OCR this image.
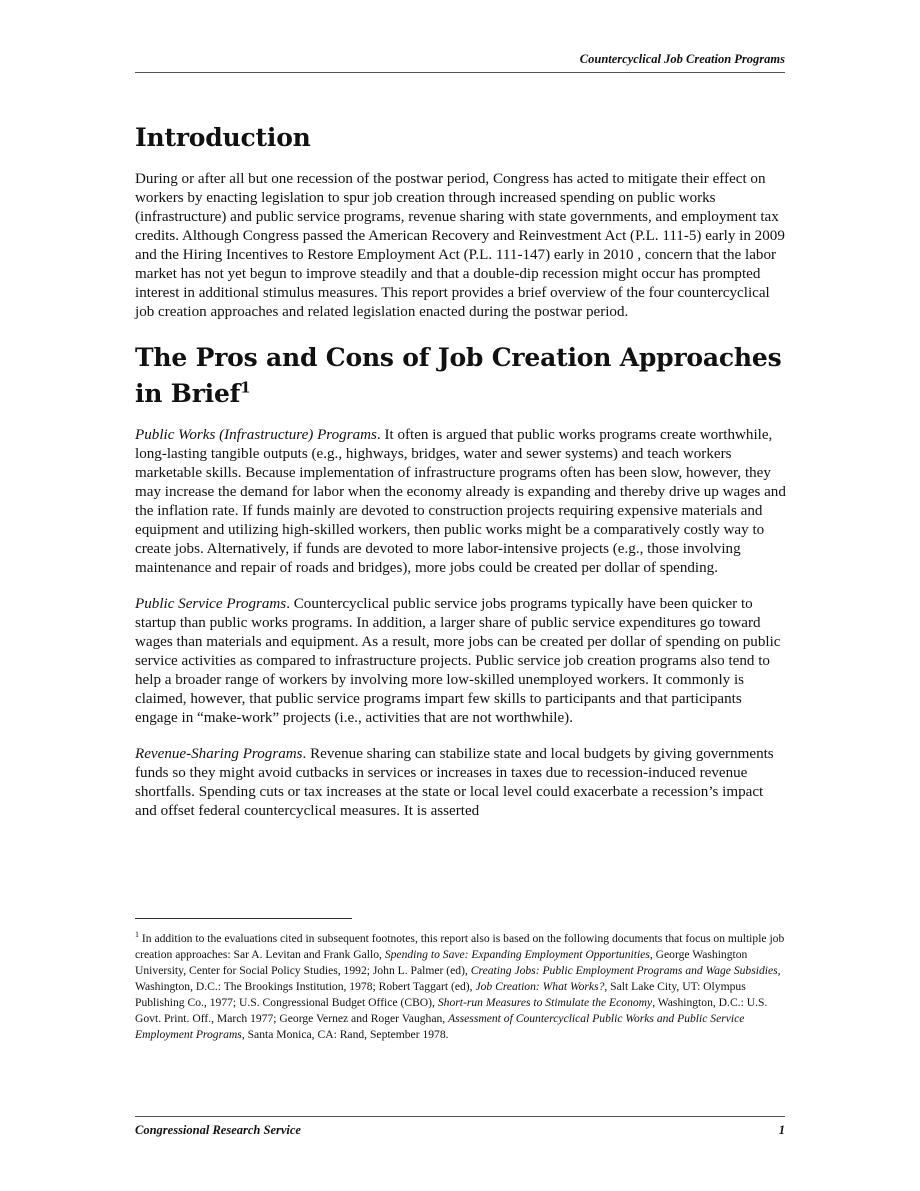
Countercyclical Job Creation Programs
Introduction

During or after all but one recession of the postwar period, Congress has acted to mitigate their effect on workers by enacting legislation to spur job creation through increased spending on public works (infrastructure) and public service programs, revenue sharing with state governments, and employment tax credits. Although Congress passed the American Recovery and Reinvestment Act (P.L. 111-5) early in 2009 and the Hiring Incentives to Restore Employment Act (P.L. 111-147) early in 2010 , concern that the labor market has not yet begun to improve steadily and that a double-dip recession might occur has prompted interest in additional stimulus measures. This report provides a brief overview of the four countercyclical job creation approaches and related legislation enacted during the postwar period.

The Pros and Cons of Job Creation Approaches in Brief$^1$

Public Works (Infrastructure) Programs. It often is argued that public works programs create worthwhile, long-lasting tangible outputs (e.g., highways, bridges, water and sewer systems) and teach workers marketable skills. Because implementation of infrastructure programs often has been slow, however, they may increase the demand for labor when the economy already is expanding and thereby drive up wages and the inflation rate. If funds mainly are devoted to construction projects requiring expensive materials and equipment and utilizing high-skilled workers, then public works might be a comparatively costly way to create jobs. Alternatively, if funds are devoted to more labor-intensive projects (e.g., those involving maintenance and repair of roads and bridges), more jobs could be created per dollar of spending.

Public Service Programs. Countercyclical public service jobs programs typically have been quicker to startup than public works programs. In addition, a larger share of public service expenditures go toward wages than materials and equipment. As a result, more jobs can be created per dollar of spending on public service activities as compared to infrastructure projects. Public service job creation programs also tend to help a broader range of workers by involving more low-skilled unemployed workers. It commonly is claimed, however, that public service programs impart few skills to participants and that participants engage in “make-work” projects (i.e., activities that are not worthwhile).

Revenue-Sharing Programs. Revenue sharing can stabilize state and local budgets by giving governments funds so they might avoid cutbacks in services or increases in taxes due to recession-induced revenue shortfalls. Spending cuts or tax increases at the state or local level could exacerbate a recession’s impact and offset federal countercyclical measures. It is asserted

$^1$ In addition to the evaluations cited in subsequent footnotes, this report also is based on the following documents that focus on multiple job creation approaches: Sar A. Levitan and Frank Gallo, Spending to Save: Expanding Employment Opportunities, George Washington University, Center for Social Policy Studies, 1992; John L. Palmer (ed), Creating Jobs: Public Employment Programs and Wage Subsidies, Washington, D.C.: The Brookings Institution, 1978; Robert Taggart (ed), Job Creation: What Works?, Salt Lake City, UT: Olympus Publishing Co., 1977; U.S. Congressional Budget Office (CBO), Short-run Measures to Stimulate the Economy, Washington, D.C.: U.S. Govt. Print. Off., March 1977; George Vernez and Roger Vaughan, Assessment of Countercyclical Public Works and Public Service Employment Programs, Santa Monica, CA: Rand, September 1978.
Congressional Research Service	1
